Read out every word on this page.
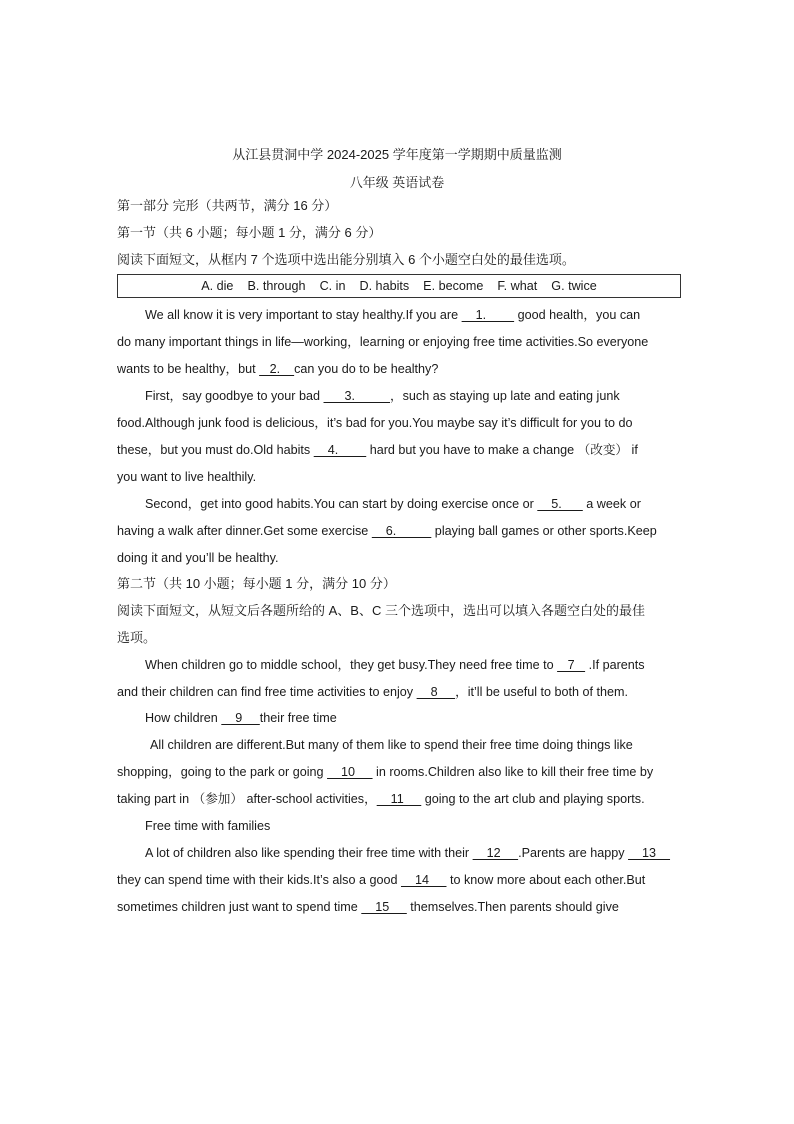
从江县贯洞中学 2024-2025 学年度第一学期期中质量监测
八年级 英语试卷
第一部分 完形（共两节，满分 16 分）
第一节（共 6 小题；每小题 1 分，满分 6 分）
阅读下面短文，从框内 7 个选项中选出能分别填入 6 个小题空白处的最佳选项。
A. die B. through C. in D. habits E. become F. what G. twice
We all know it is very important to stay healthy.If you are     1.         good health，you can
do many important things in life—working，learning or enjoying free time activities.So everyone
wants to be healthy，but    2.    can you do to be healthy?
First，say goodbye to your bad       3.          ，such as staying up late and eating junk
food.Although junk food is delicious，it’s bad for you.You maybe say it’s difficult for you to do
these，but you must do.Old habits     4.         hard but you have to make a change （改变） if
you want to live healthily.
Second，get into good habits.You can start by doing exercise once or     5.       a week or
having a walk after dinner.Get some exercise     6.           playing ball games or other sports.Keep
doing it and you’ll be healthy.
第二节（共 10 小题；每小题 1 分，满分 10 分）
阅读下面短文，从短文后各题所给的 A、B、C 三个选项中，选出可以填入各题空白处的最佳
选项。
When children go to middle school，they get busy.They need free time to    7    .If parents
and their children can find free time activities to enjoy     8     ，it’ll be useful to both of them.
How children     9     their free time
All children are different.But many of them like to spend their free time doing things like
shopping，going to the park or going     10      in rooms.Children also like to kill their free time by
taking part in （参加） after-school activities，    11      going to the art club and playing sports.
Free time with families
A lot of children also like spending their free time with their     12     .Parents are happy     13
they can spend time with their kids.It’s also a good     14      to know more about each other.But
sometimes children just want to spend time     15      themselves.Then parents should give
